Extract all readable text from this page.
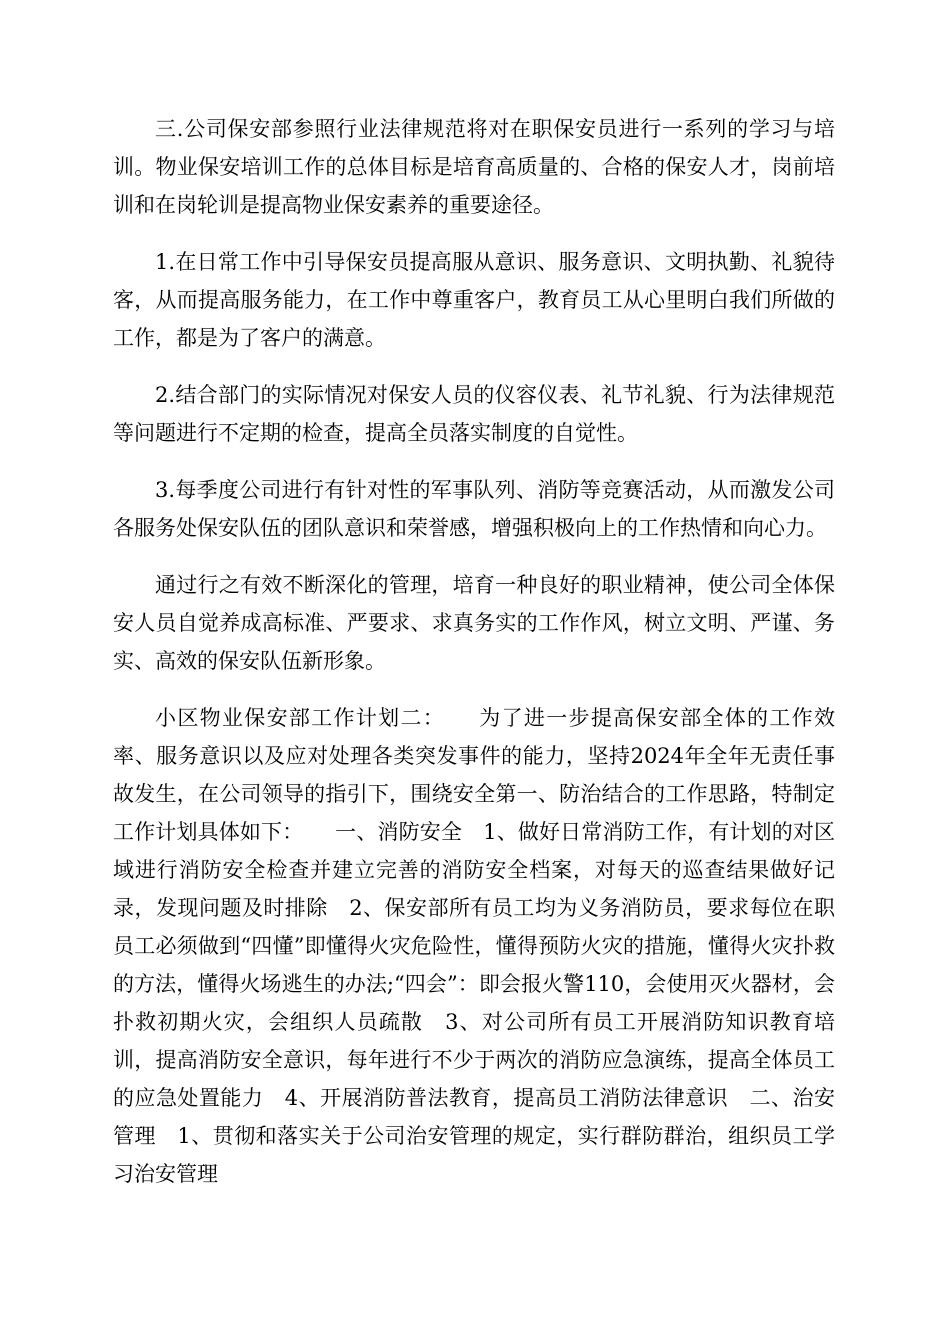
三.公司保安部参照行业法律规范将对在职保安员进行一系列的学习与培训。物业保安培训工作的总体目标是培育高质量的、合格的保安人才，岗前培训和在岗轮训是提高物业保安素养的重要途径。

1.在日常工作中引导保安员提高服从意识、服务意识、文明执勤、礼貌待客，从而提高服务能力，在工作中尊重客户，教育员工从心里明白我们所做的工作，都是为了客户的满意。

2.结合部门的实际情况对保安人员的仪容仪表、礼节礼貌、行为法律规范等问题进行不定期的检查，提高全员落实制度的自觉性。

3.每季度公司进行有针对性的军事队列、消防等竞赛活动，从而激发公司各服务处保安队伍的团队意识和荣誉感，增强积极向上的工作热情和向心力。

通过行之有效不断深化的管理，培育一种良好的职业精神，使公司全体保安人员自觉养成高标准、严要求、求真务实的工作作风，树立文明、严谨、务实、高效的保安队伍新形象。

小区物业保安部工作计划二：　　为了进一步提高保安部全体的工作效率、服务意识以及应对处理各类突发事件的能力，坚持2024年全年无责任事故发生，在公司领导的指引下，围绕安全第一、防治结合的工作思路，特制定工作计划具体如下：　　一、消防安全　1、做好日常消防工作，有计划的对区域进行消防安全检查并建立完善的消防安全档案，对每天的巡查结果做好记录，发现问题及时排除　2、保安部所有员工均为义务消防员，要求每位在职员工必须做到“四懂”即懂得火灾危险性，懂得预防火灾的措施，懂得火灾扑救的方法，懂得火场逃生的办法;“四会”：即会报火警110，会使用灭火器材，会扑救初期火灾，会组织人员疏散　3、对公司所有员工开展消防知识教育培训，提高消防安全意识，每年进行不少于两次的消防应急演练，提高全体员工的应急处置能力　4、开展消防普法教育，提高员工消防法律意识　二、治安管理　1、贯彻和落实关于公司治安管理的规定，实行群防群治，组织员工学习治安管理
